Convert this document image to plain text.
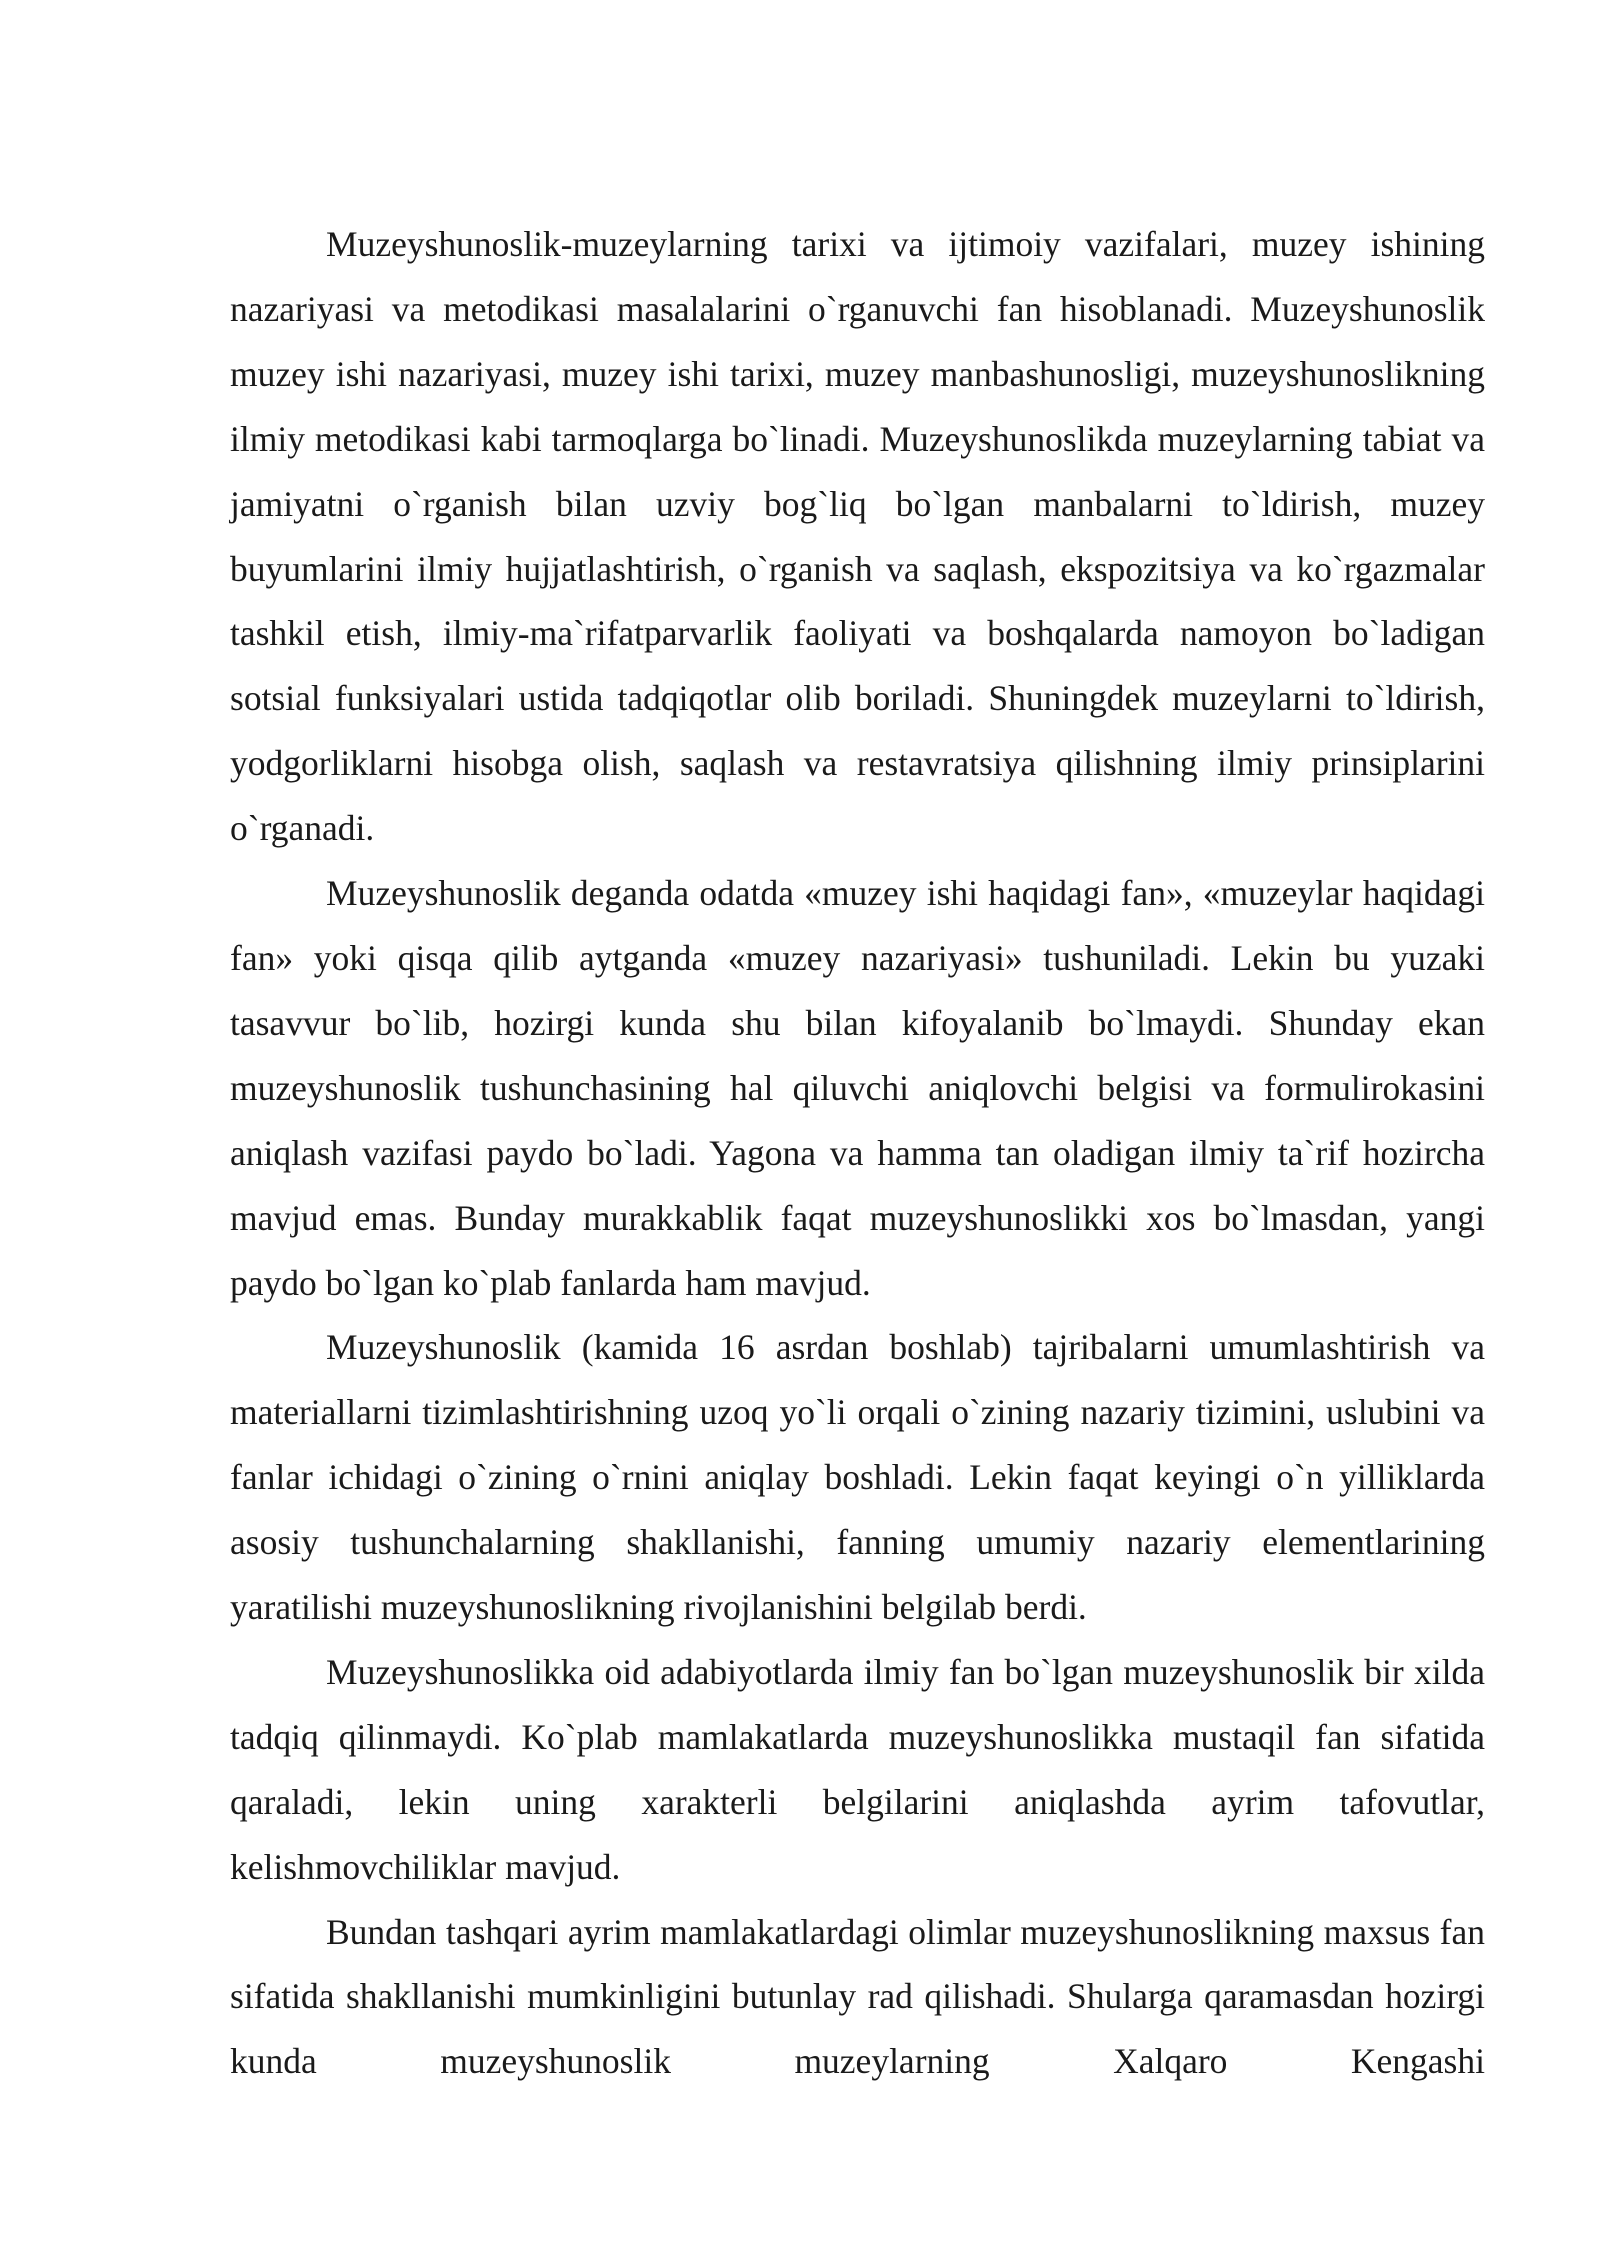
Muzeyshunoslik-muzeylarning tarixi va ijtimoiy vazifalari, muzey ishining nazariyasi va metodikasi masalalarini o`rganuvchi fan hisoblanadi. Muzeyshunoslik muzey ishi nazariyasi, muzey ishi tarixi, muzey manbashunosligi, muzeyshunoslikning ilmiy metodikasi kabi tarmoqlarga bo`linadi. Muzeyshunoslikda muzeylarning tabiat va jamiyatni o`rganish bilan uzviy bog`liq bo`lgan manbalarni to`ldirish, muzey buyumlarini ilmiy hujjatlashtirish, o`rganish va saqlash, ekspozitsiya va ko`rgazmalar tashkil etish, ilmiy-ma`rifatparvarlik faoliyati va boshqalarda namoyon bo`ladigan sotsial funksiyalari ustida tadqiqotlar olib boriladi. Shuningdek muzeylarni to`ldirish, yodgorliklarni hisobga olish, saqlash va restavratsiya qilishning ilmiy prinsiplarini o`rganadi.

Muzeyshunoslik deganda odatda «muzey ishi haqidagi fan», «muzeylar haqidagi fan» yoki qisqa qilib aytganda «muzey nazariyasi» tushuniladi. Lekin bu yuzaki tasavvur bo`lib, hozirgi kunda shu bilan kifoyalanib bo`lmaydi. Shunday ekan muzeyshunoslik tushunchasining hal qiluvchi aniqlovchi belgisi va formulirokasini aniqlash vazifasi paydo bo`ladi. Yagona va hamma tan oladigan ilmiy ta`rif hozircha mavjud emas. Bunday murakkablik faqat muzeyshunoslikki xos bo`lmasdan, yangi paydo bo`lgan ko`plab fanlarda ham mavjud.

Muzeyshunoslik (kamida 16 asrdan boshlab) tajribalarni umumlashtirish va materiallarni tizimlashtirishning uzoq yo`li orqali o`zining nazariy tizimini, uslubini va fanlar ichidagi o`zining o`rnini aniqlay boshladi. Lekin faqat keyingi o`n yilliklarda asosiy tushunchalarning shakllanishi, fanning umumiy nazariy elementlarining yaratilishi muzeyshunoslikning rivojlanishini belgilab berdi.

Muzeyshunoslikka oid adabiyotlarda ilmiy fan bo`lgan muzeyshunoslik bir xilda tadqiq qilinmaydi. Ko`plab mamlakatlarda muzeyshunoslikka mustaqil fan sifatida qaraladi, lekin uning xarakterli belgilarini aniqlashda ayrim tafovutlar, kelishmovchiliklar mavjud.

Bundan tashqari ayrim mamlakatlardagi olimlar muzeyshunoslikning maxsus fan sifatida shakllanishi mumkinligini butunlay rad qilishadi. Shularga qaramasdan hozirgi kunda muzeyshunoslik muzeylarning Xalqaro Kengashi
